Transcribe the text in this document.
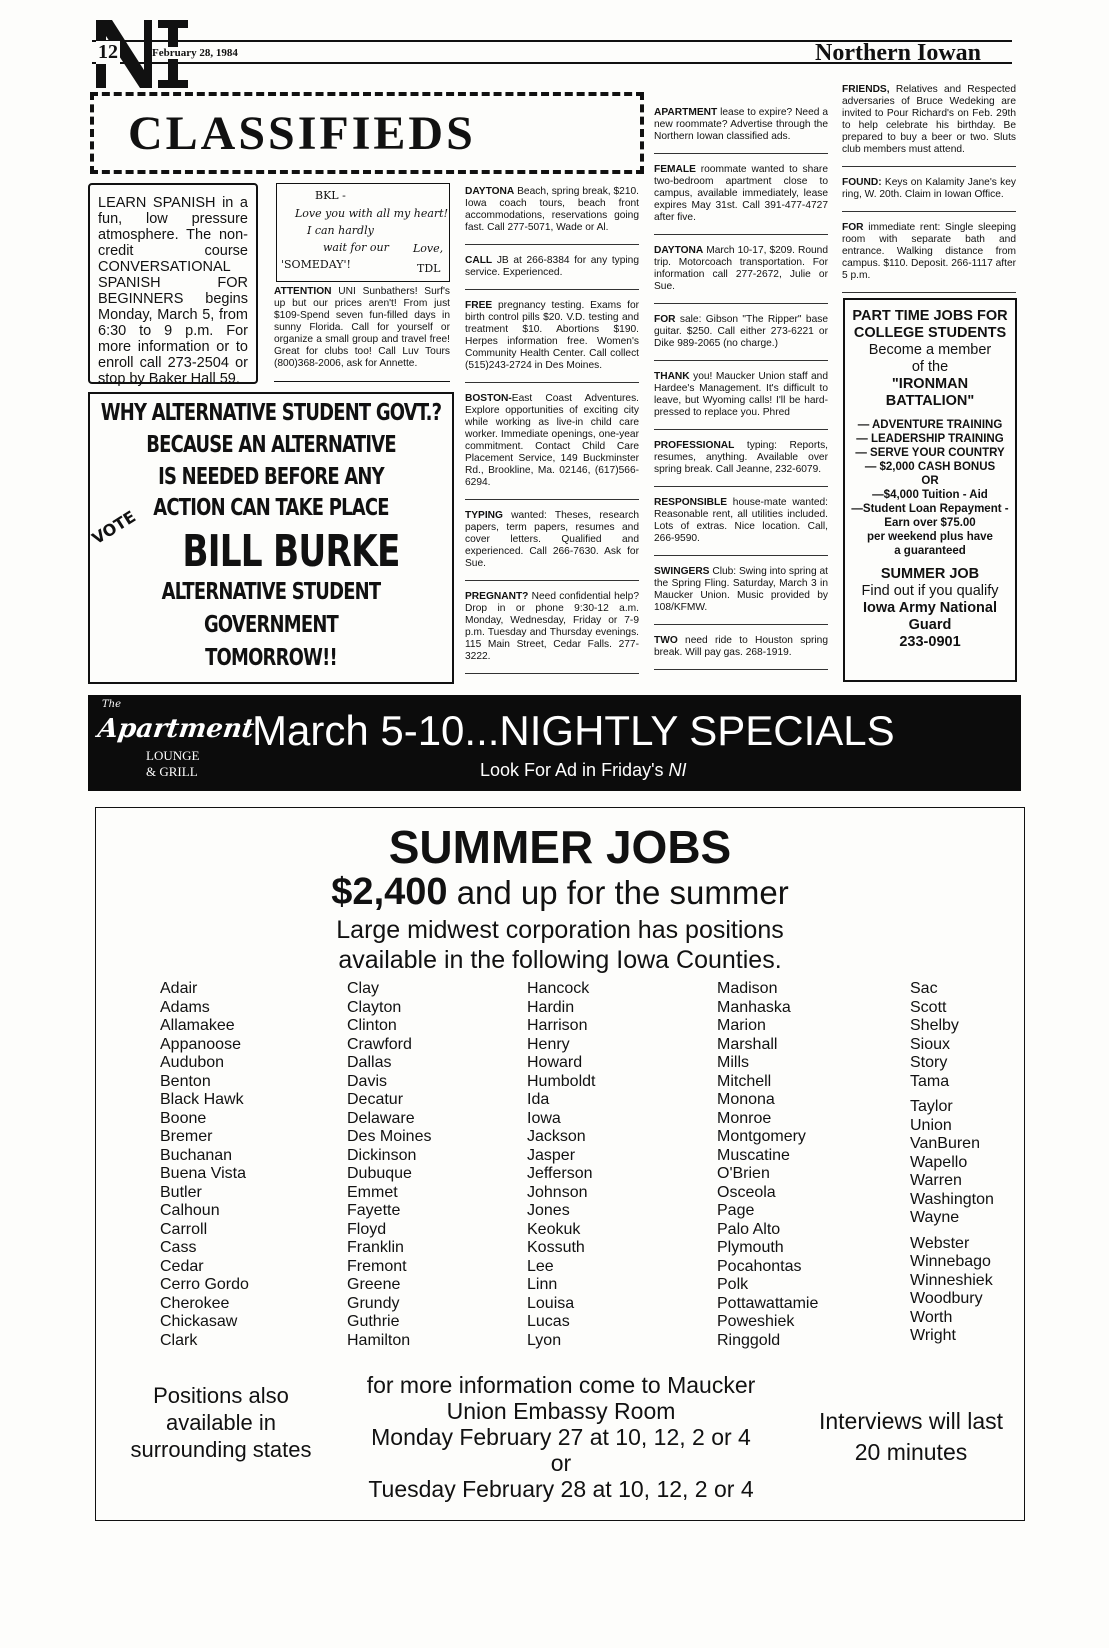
12	February 28, 1984	Northern Iowan
CLASSIFIEDS
LEARN SPANISH in a fun, low pressure atmosphere. The non-credit course CONVERSATIONAL SPANISH FOR BEGINNERS begins Monday, March 5, from 6:30 to 9 p.m. For more information or to enroll call 273-2504 or stop by Baker Hall 59.
BKL -
Love you with all my heart!
I can hardly
wait for our
'SOMEDAY'!
Love,
TDL
ATTENTION UNI Sunbathers! Surf's up but our prices aren't! From just $109-Spend seven fun-filled days in sunny Florida. Call for yourself or organize a small group and travel free! Great for clubs too! Call Luv Tours (800)368-2006, ask for Annette.
WHY ALTERNATIVE STUDENT GOVT.?
BECAUSE AN ALTERNATIVE
IS NEEDED BEFORE ANY
ACTION CAN TAKE PLACE
VOTE BILL BURKE
ALTERNATIVE STUDENT
GOVERNMENT
TOMORROW!!

DAYTONA Beach, spring break, $210. Iowa coach tours, beach front accommodations, reservations going fast. Call 277-5071, Wade or Al.

CALL JB at 266-8384 for any typing service. Experienced.

FREE pregnancy testing. Exams for birth control pills $20. V.D. testing and treatment $10. Abortions $190. Herpes information free. Women's Community Health Center. Call collect (515)243-2724 in Des Moines.

BOSTON-East Coast Adventures. Explore opportunities of exciting city while working as live-in child care worker. Immediate openings, one-year commitment. Contact Child Care Placement Service, 149 Buckminster Rd., Brookline, Ma. 02146, (617)566-6294.

TYPING wanted: Theses, research papers, term papers, resumes and cover letters. Qualified and experienced. Call 266-7630. Ask for Sue.

PREGNANT? Need confidential help? Drop in or phone 9:30-12 a.m. Monday, Wednesday, Friday or 7-9 p.m. Tuesday and Thursday evenings. 115 Main Street, Cedar Falls. 277-3222.

APARTMENT lease to expire? Need a new roommate? Advertise through the Northern Iowan classified ads.

FEMALE roommate wanted to share two-bedroom apartment close to campus, available immediately, lease expires May 31st. Call 391-477-4727 after five.

DAYTONA March 10-17, $209. Round trip. Motorcoach transportation. For information call 277-2672, Julie or Sue.

FOR sale: Gibson "The Ripper" base guitar. $250. Call either 273-6221 or Dike 989-2065 (no charge.)

THANK you! Maucker Union staff and Hardee's Management. It's difficult to leave, but Wyoming calls! I'll be hard-pressed to replace you. Phred

PROFESSIONAL typing: Reports, resumes, anything. Available over spring break. Call Jeanne, 232-6079.

RESPONSIBLE house-mate wanted: Reasonable rent, all utilities included. Lots of extras. Nice location. Call, 266-9590.

SWINGERS Club: Swing into spring at the Spring Fling. Saturday, March 3 in Maucker Union. Music provided by 108/KFMW.

TWO need ride to Houston spring break. Will pay gas. 268-1919.

FRIENDS, Relatives and Respected adversaries of Bruce Wedeking are invited to Pour Richard's on Feb. 29th to help celebrate his birthday. Be prepared to buy a beer or two. Sluts club members must attend.

FOUND: Keys on Kalamity Jane's key ring, W. 20th. Claim in Iowan Office.

FOR immediate rent: Single sleeping room with separate bath and entrance. Walking distance from campus. $110. Deposit. 266-1117 after 5 p.m.

PART TIME JOBS FOR
COLLEGE STUDENTS
Become a member
of the
"IRONMAN
BATTALION"

— ADVENTURE TRAINING
— LEADERSHIP TRAINING
— SERVE YOUR COUNTRY
— $2,000 CASH BONUS
OR
—$4,000 Tuition - Aid
—Student Loan Repayment -
Earn over $75.00
per weekend plus have
a guaranteed

SUMMER JOB
Find out if you qualify
Iowa Army National
Guard
233-0901
The
Apartment
LOUNGE
& GRILL
March 5-10...NIGHTLY SPECIALS
Look For Ad in Friday's NI
SUMMER JOBS
$2,400 and up for the summer
Large midwest corporation has positions
available in the following Iowa Counties.
Adair
Adams
Allamakee
Appanoose
Audubon
Benton
Black Hawk
Boone
Bremer
Buchanan
Buena Vista
Butler
Calhoun
Carroll
Cass
Cedar
Cerro Gordo
Cherokee
Chickasaw
Clark
Clay
Clayton
Clinton
Crawford
Dallas
Davis
Decatur
Delaware
Des Moines
Dickinson
Dubuque
Emmet
Fayette
Floyd
Franklin
Fremont
Greene
Grundy
Guthrie
Hamilton
Hancock
Hardin
Harrison
Henry
Howard
Humboldt
Ida
Iowa
Jackson
Jasper
Jefferson
Johnson
Jones
Keokuk
Kossuth
Lee
Linn
Louisa
Lucas
Lyon
Madison
Manhaska
Marion
Marshall
Mills
Mitchell
Monona
Monroe
Montgomery
Muscatine
O'Brien
Osceola
Page
Palo Alto
Plymouth
Pocahontas
Polk
Pottawattamie
Poweshiek
Ringgold
Sac
Scott
Shelby
Sioux
Story
Tama

Taylor
Union
VanBuren
Wapello
Warren
Washington
Wayne

Webster
Winnebago
Winneshiek
Woodbury
Worth
Wright
Positions also
available in
surrounding states
for more information come to Maucker
Union Embassy Room
Monday February 27 at 10, 12, 2 or 4
or
Tuesday February 28 at 10, 12, 2 or 4
Interviews will last
20 minutes
